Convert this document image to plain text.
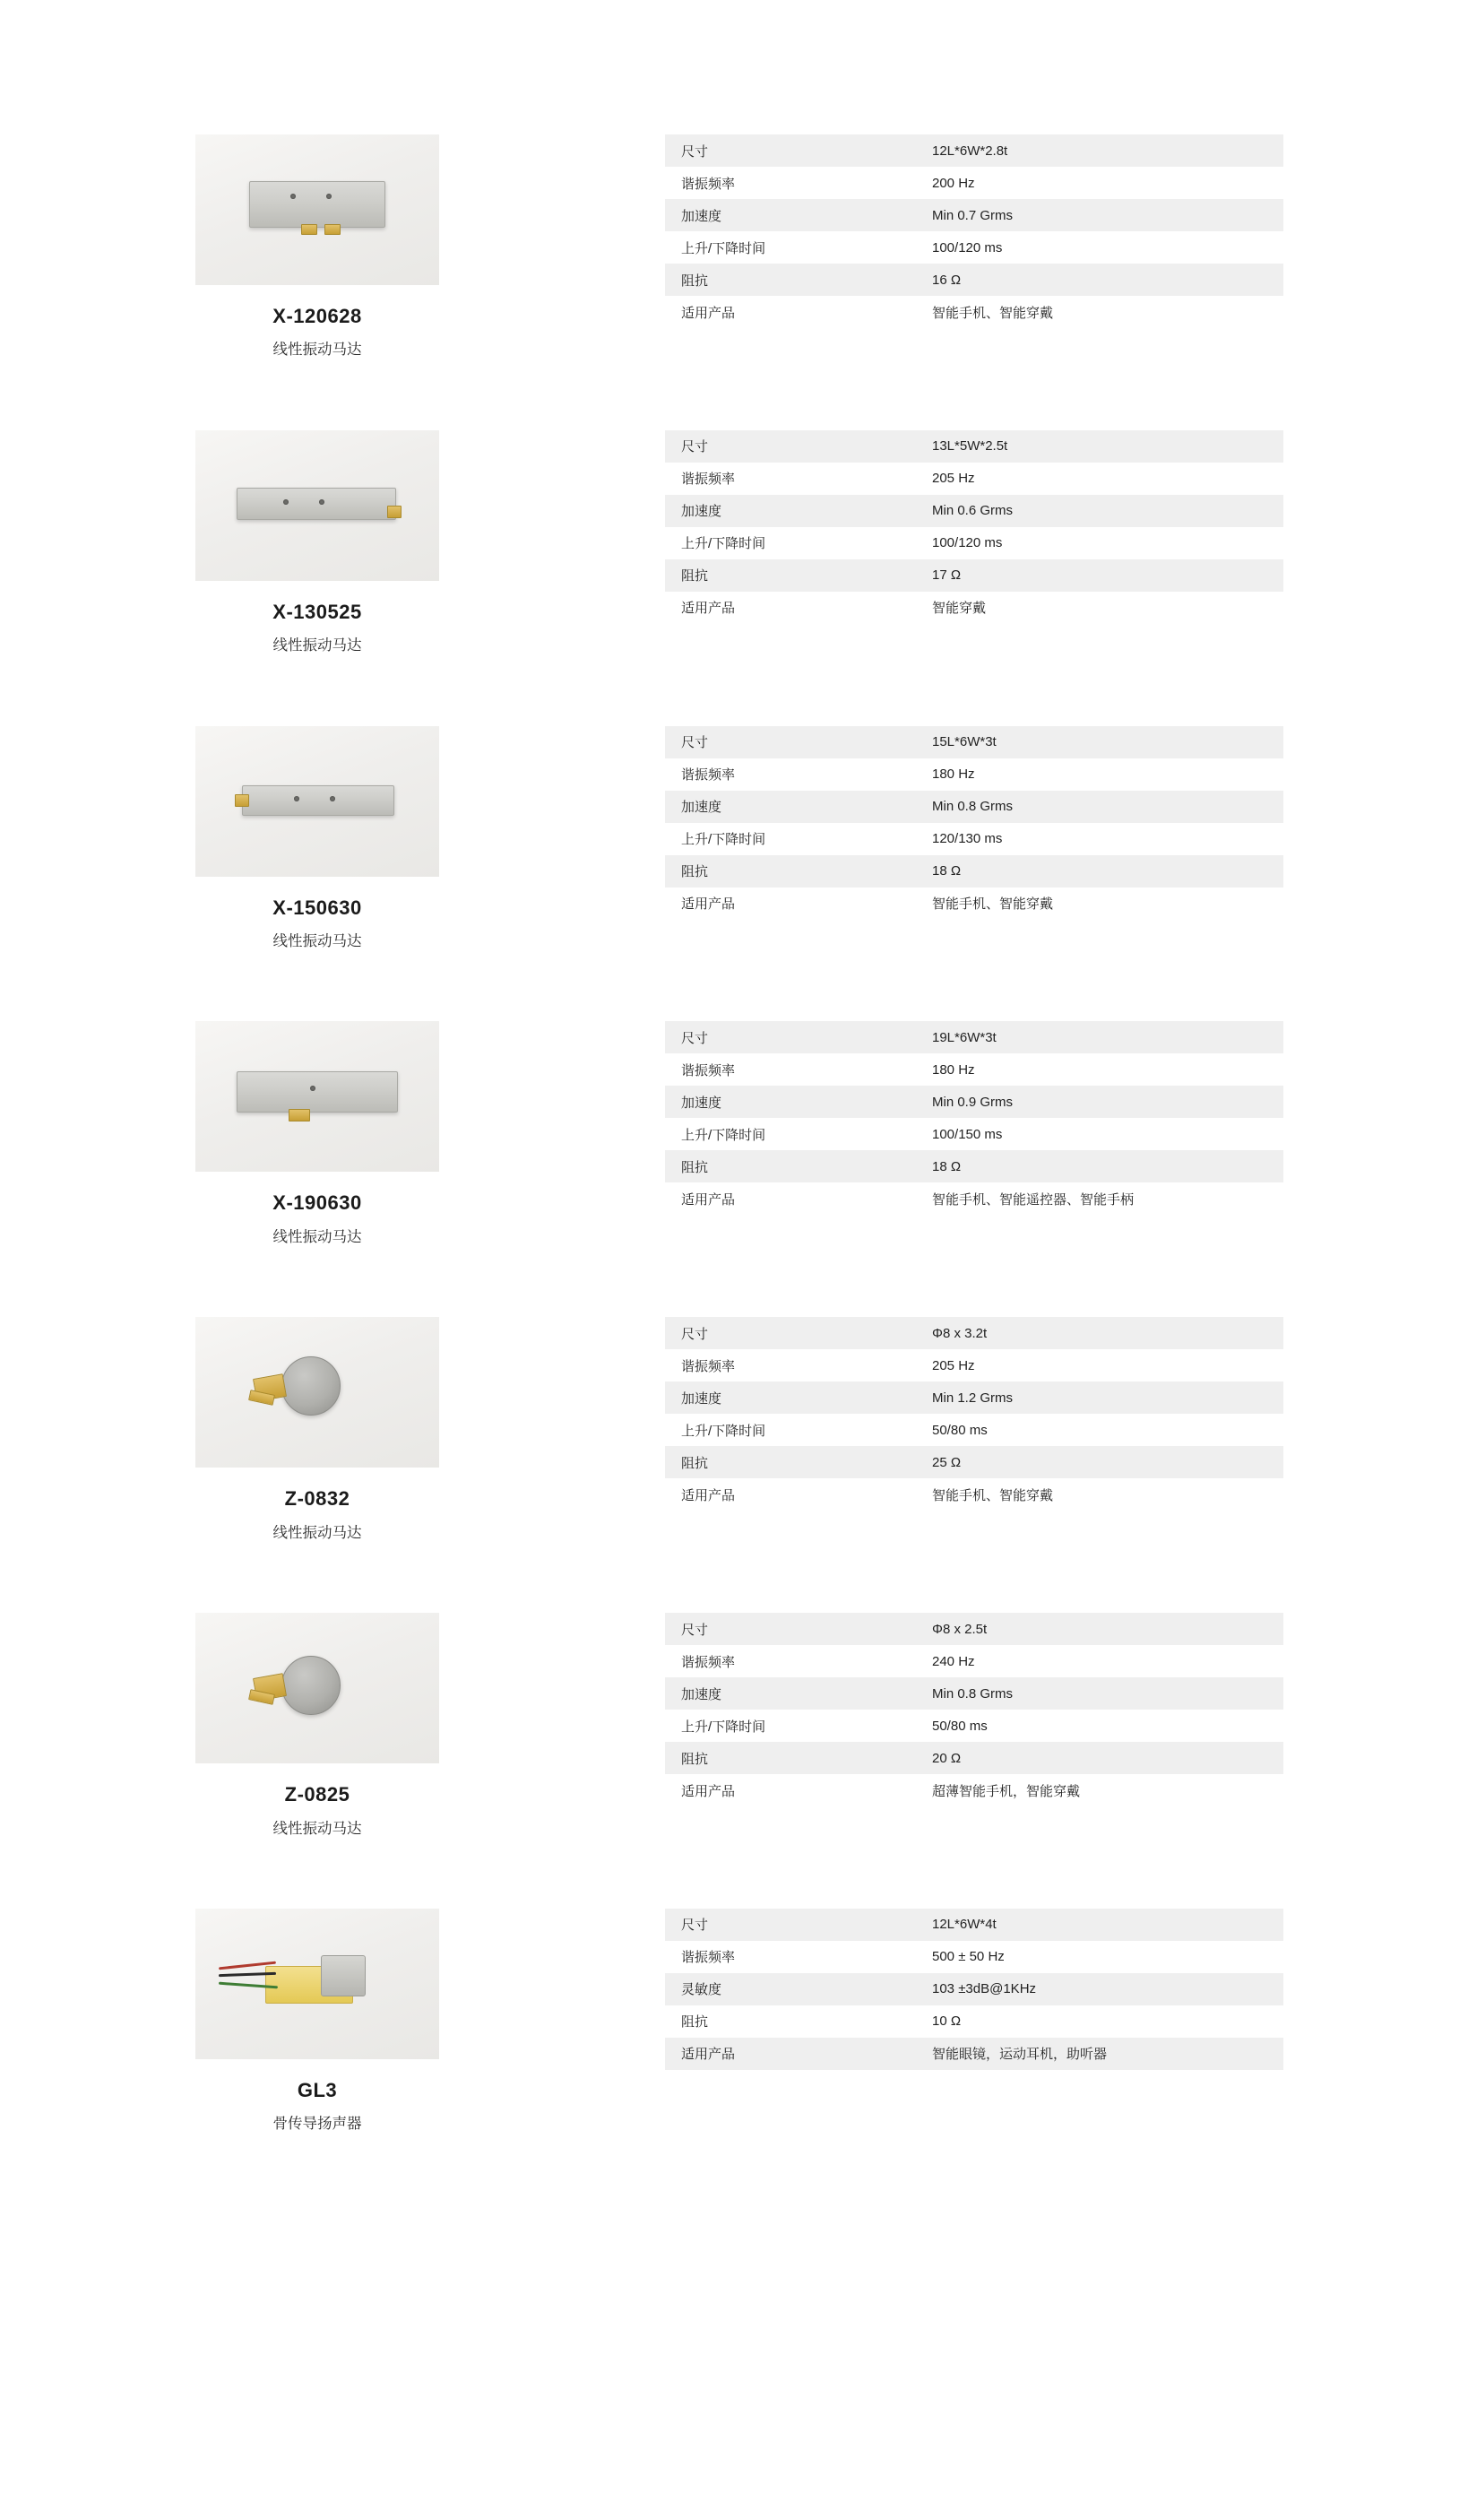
X-120628
线性振动马达
尺寸	12L*6W*2.8t
谐振频率	200 Hz
加速度	Min 0.7 Grms
上升/下降时间	100/120 ms
阻抗	16 Ω
适用产品	智能手机、智能穿戴
X-130525
线性振动马达
尺寸	13L*5W*2.5t
谐振频率	205 Hz
加速度	Min 0.6 Grms
上升/下降时间	100/120 ms
阻抗	17 Ω
适用产品	智能穿戴
X-150630
线性振动马达
尺寸	15L*6W*3t
谐振频率	180 Hz
加速度	Min 0.8 Grms
上升/下降时间	120/130 ms
阻抗	18 Ω
适用产品	智能手机、智能穿戴
X-190630
线性振动马达
尺寸	19L*6W*3t
谐振频率	180 Hz
加速度	Min 0.9 Grms
上升/下降时间	100/150 ms
阻抗	18 Ω
适用产品	智能手机、智能遥控器、智能手柄
Z-0832
线性振动马达
尺寸	Φ8 x 3.2t
谐振频率	205 Hz
加速度	Min 1.2 Grms
上升/下降时间	50/80 ms
阻抗	25 Ω
适用产品	智能手机、智能穿戴
Z-0825
线性振动马达
尺寸	Φ8 x 2.5t
谐振频率	240 Hz
加速度	Min 0.8 Grms
上升/下降时间	50/80 ms
阻抗	20 Ω
适用产品	超薄智能手机，智能穿戴
GL3
骨传导扬声器
尺寸	12L*6W*4t
谐振频率	500 ± 50 Hz
灵敏度	103 ±3dB@1KHz
阻抗	10 Ω
适用产品	智能眼镜，运动耳机，助听器
